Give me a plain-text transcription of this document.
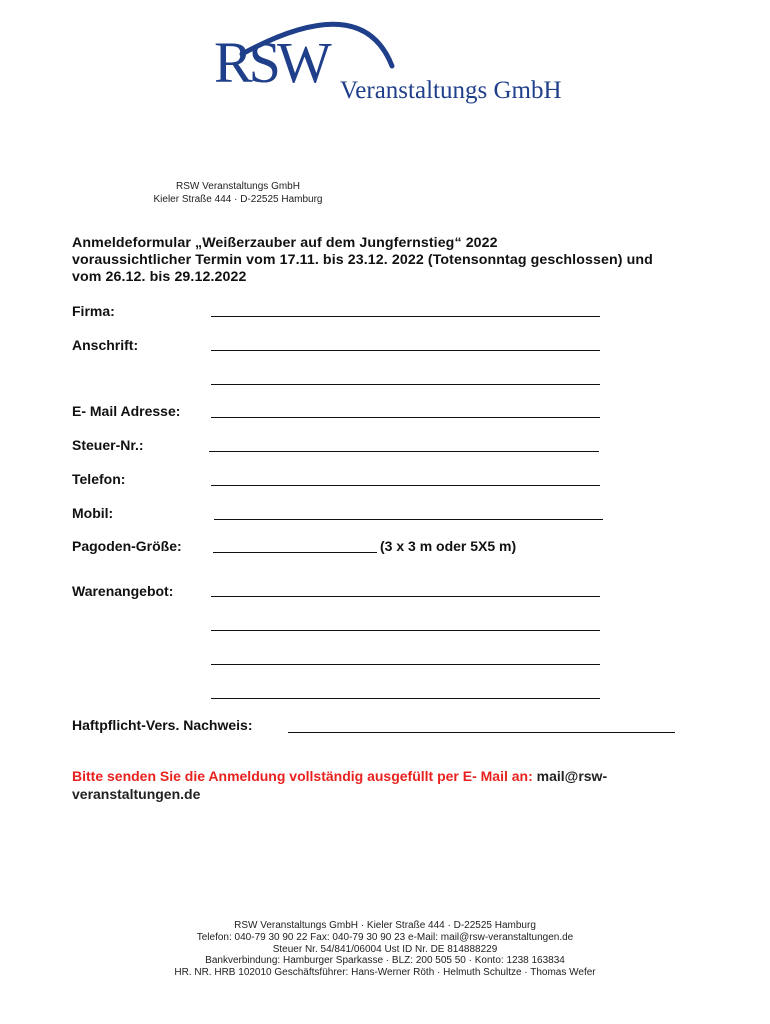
RSW Veranstaltungs GmbH
RSW Veranstaltungs GmbH
Kieler Straße 444 · D-22525 Hamburg
Anmeldeformular „Weißerzauber auf dem Jungfernstieg“ 2022
voraussichtlicher Termin vom 17.11. bis 23.12. 2022 (Totensonntag geschlossen) und
vom 26.12. bis 29.12.2022
Firma:
Anschrift:
E- Mail Adresse:
Steuer-Nr.:
Telefon:
Mobil:
Pagoden-Größe:	(3 x 3 m oder 5X5 m)
Warenangebot:
Haftpflicht-Vers. Nachweis:
Bitte senden Sie die Anmeldung vollständig ausgefüllt per E- Mail an: mail@rsw-veranstaltungen.de
RSW Veranstaltungs GmbH · Kieler Straße 444 · D-22525 Hamburg
Telefon: 040-79 30 90 22 Fax: 040-79 30 90 23 e-Mail: mail@rsw-veranstaltungen.de
Steuer Nr. 54/841/06004 Ust ID Nr. DE 814888229
Bankverbindung: Hamburger Sparkasse · BLZ: 200 505 50 · Konto: 1238 163834
HR. NR. HRB 102010 Geschäftsführer: Hans-Werner Röth · Helmuth Schultze · Thomas Wefer
